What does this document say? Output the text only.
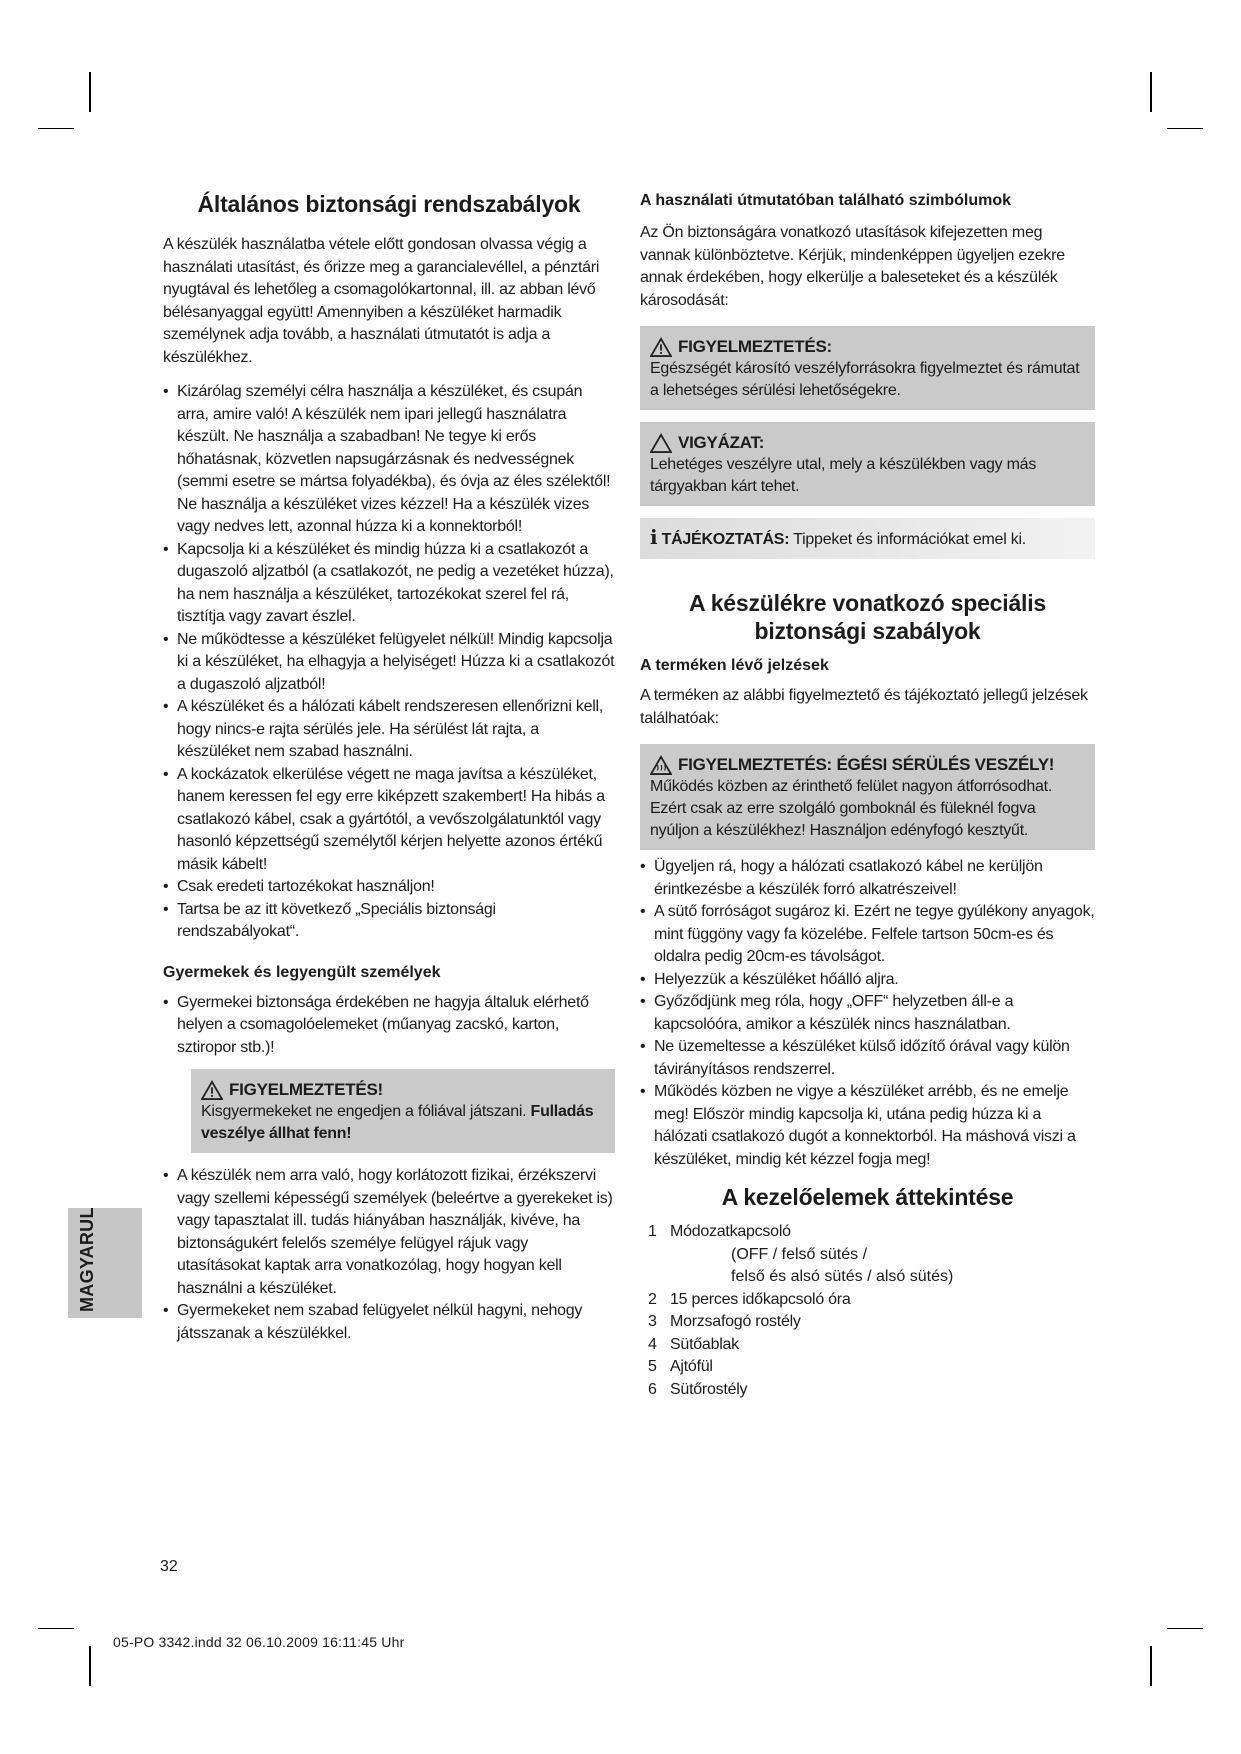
Általános biztonsági rendszabályok

A készülék használatba vétele előtt gondosan olvassa végig a használati utasítást, és őrizze meg a garancialevéllel, a pénztári nyugtával és lehetőleg a csomagolókartonnal, ill. az abban lévő bélésanyaggal együtt! Amennyiben a készüléket harmadik személynek adja tovább, a használati útmutatót is adja a készülékhez.

• Kizárólag személyi célra használja a készüléket, és csupán arra, amire való! A készülék nem ipari jellegű használatra készült. Ne használja a szabadban! Ne tegye ki erős hőhatásnak, közvetlen napsugárzásnak és nedvességnek (semmi esetre se mártsa folyadékba), és óvja az éles szélektől! Ne használja a készüléket vizes kézzel! Ha a készülék vizes vagy nedves lett, azonnal húzza ki a konnektorból!
• Kapcsolja ki a készüléket és mindig húzza ki a csatlakozót a dugaszoló aljzatból (a csatlakozót, ne pedig a vezetéket húzza), ha nem használja a készüléket, tartozékokat szerel fel rá, tisztítja vagy zavart észlel.
• Ne működtesse a készüléket felügyelet nélkül! Mindig kapcsolja ki a készüléket, ha elhagyja a helyiséget! Húzza ki a csatlakozót a dugaszoló aljzatból!
• A készüléket és a hálózati kábelt rendszeresen ellenőrizni kell, hogy nincs-e rajta sérülés jele. Ha sérülést lát rajta, a készüléket nem szabad használni.
• A kockázatok elkerülése végett ne maga javítsa a készüléket, hanem keressen fel egy erre kiképzett szakembert! Ha hibás a csatlakozó kábel, csak a gyártótól, a vevőszolgálatunktól vagy hasonló képzettségű személytől kérjen helyette azonos értékű másik kábelt!
• Csak eredeti tartozékokat használjon!
• Tartsa be az itt következő „Speciális biztonsági rendszabályokat“.
Gyermekek és legyengült személyek
• Gyermekei biztonsága érdekében ne hagyja általuk elérhető helyen a csomagolóelemeket (műanyag zacskó, karton, sztiropor stb.)!
FIGYELMEZTETÉS!
Kisgyermekeket ne engedjen a fóliával játszani. Fulladás veszélye állhat fenn!
• A készülék nem arra való, hogy korlátozott fizikai, érzékszervi vagy szellemi képességű személyek (beleértve a gyerekeket is) vagy tapasztalat ill. tudás hiányában használják, kivéve, ha biztonságukért felelős személye felügyel rájuk vagy utasításokat kaptak arra vonatkozólag, hogy hogyan kell használni a készüléket.
• Gyermekeket nem szabad felügyelet nélkül hagyni, nehogy játsszanak a készülékkel.
A használati útmutatóban található szimbólumok

Az Ön biztonságára vonatkozó utasítások kifejezetten meg vannak különböztetve. Kérjük, mindenképpen ügyeljen ezekre annak érdekében, hogy elkerülje a baleseteket és a készülék károsodását:

FIGYELMEZTETÉS:
Egészségét károsító veszélyforrásokra figyelmeztet és rámutat a lehetséges sérülési lehetőségekre.
VIGYÁZAT:
Lehetéges veszélyre utal, mely a készülékben vagy más tárgyakban kárt tehet.
i TÁJÉKOZTATÁS: Tippeket és információkat emel ki.
A készülékre vonatkozó speciális
biztonsági szabályok
A terméken lévő jelzések

A terméken az alábbi figyelmeztető és tájékoztató jellegű jelzések találhatóak:

FIGYELMEZTETÉS: ÉGÉSI SÉRÜLÉS VESZÉLY!
Működés közben az érinthető felület nagyon átforrósodhat. Ezért csak az erre szolgáló gomboknál és füleknél fogva nyúljon a készülékhez! Használjon edényfogó kesztyűt.
• Ügyeljen rá, hogy a hálózati csatlakozó kábel ne kerüljön érintkezésbe a készülék forró alkatrészeivel!
• A sütő forróságot sugároz ki. Ezért ne tegye gyúlékony anyagok, mint függöny vagy fa közelébe. Felfele tartson 50cm-es és oldalra pedig 20cm-es távolságot.
• Helyezzük a készüléket hőálló aljra.
• Győződjünk meg róla, hogy „OFF“ helyzetben áll-e a kapcsolóóra, amikor a készülék nincs használatban.
• Ne üzemeltesse a készüléket külső időzítő órával vagy külön távirányításos rendszerrel.
• Működés közben ne vigye a készüléket arrébb, és ne emelje meg! Először mindig kapcsolja ki, utána pedig húzza ki a hálózati csatlakozó dugót a konnektorból. Ha máshová viszi a készüléket, mindig két kézzel fogja meg!
A kezelőelemek áttekintése
1 Módozatkapcsoló
(OFF / felső sütés /
felső és alsó sütés / alsó sütés)
2 15 perces időkapcsoló óra
3 Morzsafogó rostély
4 Sütőablak
5 Ajtófül
6 Sütőrostély
MAGYARUL
32
05-PO 3342.indd 32 06.10.2009 16:11:45 Uhr
